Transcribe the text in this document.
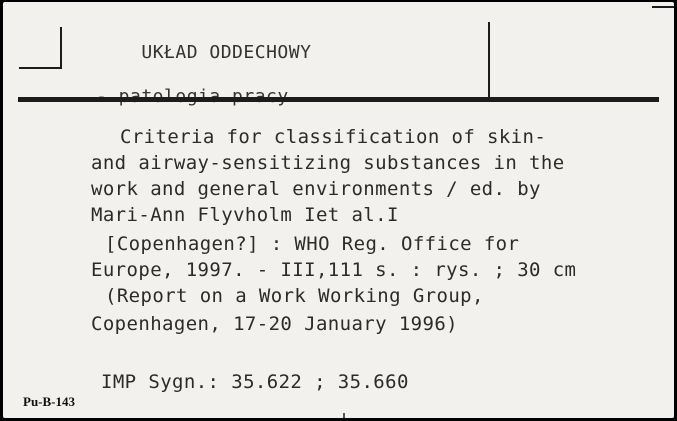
UKŁAD ODDECHOWY

Criteria for classification of skin-
and airway-sensitizing substances in the
work and general environments / ed. by
Mari-Ann Flyvholm Iet al.I
[Copenhagen?] : WHO Reg. Office for
Europe, 1997. - III,111 s. : rys. ; 30 cm
(Report on a Work Working Group,
Copenhagen, 17-20 January 1996)
IMP Sygn.: 35.622 ; 35.660
Pu-B-143
